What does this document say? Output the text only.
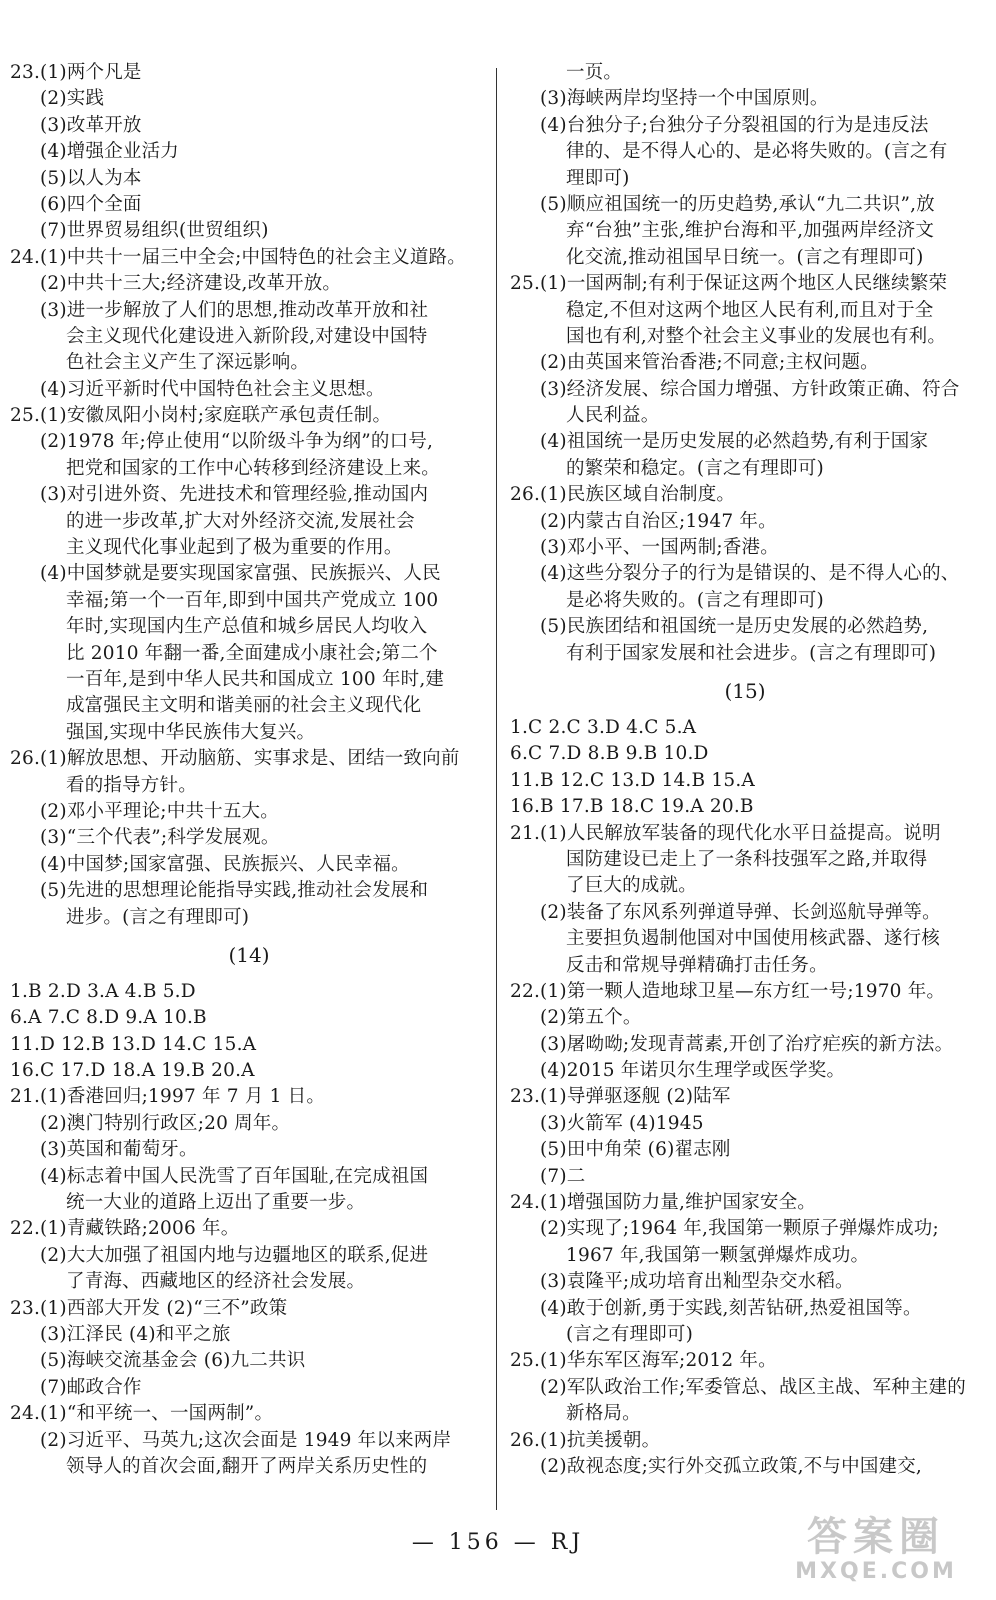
23.(1)两个凡是
(2)实践
(3)改革开放
(4)增强企业活力
(5)以人为本
(6)四个全面
(7)世界贸易组织(世贸组织)
24.(1)中共十一届三中全会;中国特色的社会主义道路。
(2)中共十三大;经济建设,改革开放。
(3)进一步解放了人们的思想,推动改革开放和社
会主义现代化建设进入新阶段,对建设中国特
色社会主义产生了深远影响。
(4)习近平新时代中国特色社会主义思想。
25.(1)安徽凤阳小岗村;家庭联产承包责任制。
(2)1978 年;停止使用“以阶级斗争为纲”的口号,
把党和国家的工作中心转移到经济建设上来。
(3)对引进外资、先进技术和管理经验,推动国内
的进一步改革,扩大对外经济交流,发展社会
主义现代化事业起到了极为重要的作用。
(4)中国梦就是要实现国家富强、民族振兴、人民
幸福;第一个一百年,即到中国共产党成立 100
年时,实现国内生产总值和城乡居民人均收入
比 2010 年翻一番,全面建成小康社会;第二个
一百年,是到中华人民共和国成立 100 年时,建
成富强民主文明和谐美丽的社会主义现代化
强国,实现中华民族伟大复兴。
26.(1)解放思想、开动脑筋、实事求是、团结一致向前
看的指导方针。
(2)邓小平理论;中共十五大。
(3)“三个代表”;科学发展观。
(4)中国梦;国家富强、民族振兴、人民幸福。
(5)先进的思想理论能指导实践,推动社会发展和
进步。(言之有理即可)
(14)
1.B 2.D 3.A 4.B 5.D
6.A 7.C 8.D 9.A 10.B
11.D 12.B 13.D 14.C 15.A
16.C 17.D 18.A 19.B 20.A
21.(1)香港回归;1997 年 7 月 1 日。
(2)澳门特别行政区;20 周年。
(3)英国和葡萄牙。
(4)标志着中国人民洗雪了百年国耻,在完成祖国
统一大业的道路上迈出了重要一步。
22.(1)青藏铁路;2006 年。
(2)大大加强了祖国内地与边疆地区的联系,促进
了青海、西藏地区的经济社会发展。
23.(1)西部大开发 (2)“三不”政策
(3)江泽民 (4)和平之旅
(5)海峡交流基金会 (6)九二共识
(7)邮政合作
24.(1)“和平统一、一国两制”。
(2)习近平、马英九;这次会面是 1949 年以来两岸
领导人的首次会面,翻开了两岸关系历史性的
一页。
(3)海峡两岸均坚持一个中国原则。
(4)台独分子;台独分子分裂祖国的行为是违反法
律的、是不得人心的、是必将失败的。(言之有
理即可)
(5)顺应祖国统一的历史趋势,承认“九二共识”,放
弃“台独”主张,维护台海和平,加强两岸经济文
化交流,推动祖国早日统一。(言之有理即可)
25.(1)一国两制;有利于保证这两个地区人民继续繁荣
稳定,不但对这两个地区人民有利,而且对于全
国也有利,对整个社会主义事业的发展也有利。
(2)由英国来管治香港;不同意;主权问题。
(3)经济发展、综合国力增强、方针政策正确、符合
人民利益。
(4)祖国统一是历史发展的必然趋势,有利于国家
的繁荣和稳定。(言之有理即可)
26.(1)民族区域自治制度。
(2)内蒙古自治区;1947 年。
(3)邓小平、一国两制;香港。
(4)这些分裂分子的行为是错误的、是不得人心的、
是必将失败的。(言之有理即可)
(5)民族团结和祖国统一是历史发展的必然趋势,
有利于国家发展和社会进步。(言之有理即可)
(15)
1.C 2.C 3.D 4.C 5.A
6.C 7.D 8.B 9.B 10.D
11.B 12.C 13.D 14.B 15.A
16.B 17.B 18.C 19.A 20.B
21.(1)人民解放军装备的现代化水平日益提高。说明
国防建设已走上了一条科技强军之路,并取得
了巨大的成就。
(2)装备了东风系列弹道导弹、长剑巡航导弹等。
主要担负遏制他国对中国使用核武器、遂行核
反击和常规导弹精确打击任务。
22.(1)第一颗人造地球卫星—东方红一号;1970 年。
(2)第五个。
(3)屠呦呦;发现青蒿素,开创了治疗疟疾的新方法。
(4)2015 年诺贝尔生理学或医学奖。
23.(1)导弹驱逐舰 (2)陆军
(3)火箭军 (4)1945
(5)田中角荣 (6)翟志刚
(7)二
24.(1)增强国防力量,维护国家安全。
(2)实现了;1964 年,我国第一颗原子弹爆炸成功;
1967 年,我国第一颗氢弹爆炸成功。
(3)袁隆平;成功培育出籼型杂交水稻。
(4)敢于创新,勇于实践,刻苦钻研,热爱祖国等。
(言之有理即可)
25.(1)华东军区海军;2012 年。
(2)军队政治工作;军委管总、战区主战、军种主建的
新格局。
26.(1)抗美援朝。
(2)敌视态度;实行外交孤立政策,不与中国建交,
— 156 — RJ	答案圈
MXQE.COM
